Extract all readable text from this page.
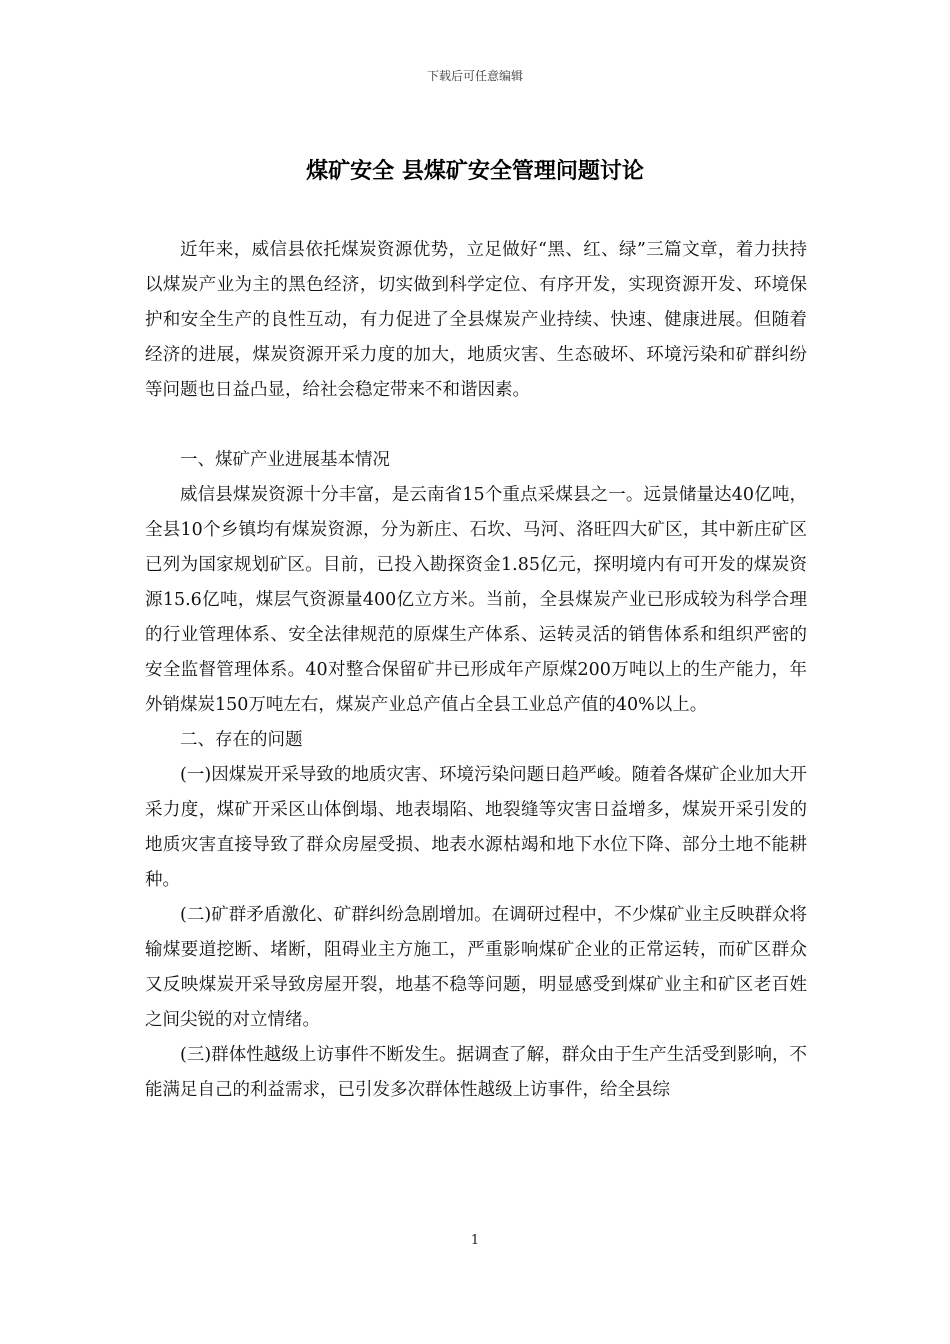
下载后可任意编辑
煤矿安全 县煤矿安全管理问题讨论

近年来，威信县依托煤炭资源优势，立足做好“黑、红、绿”三篇文章，着力扶持以煤炭产业为主的黑色经济，切实做到科学定位、有序开发，实现资源开发、环境保护和安全生产的良性互动，有力促进了全县煤炭产业持续、快速、健康进展。但随着经济的进展，煤炭资源开采力度的加大，地质灾害、生态破坏、环境污染和矿群纠纷等问题也日益凸显，给社会稳定带来不和谐因素。

一、煤矿产业进展基本情况

威信县煤炭资源十分丰富，是云南省15个重点采煤县之一。远景储量达40亿吨，全县10个乡镇均有煤炭资源，分为新庄、石坎、马河、洛旺四大矿区，其中新庄矿区已列为国家规划矿区。目前，已投入勘探资金1.85亿元，探明境内有可开发的煤炭资源15.6亿吨，煤层气资源量400亿立方米。当前，全县煤炭产业已形成较为科学合理的行业管理体系、安全法律规范的原煤生产体系、运转灵活的销售体系和组织严密的安全监督管理体系。40对整合保留矿井已形成年产原煤200万吨以上的生产能力，年外销煤炭150万吨左右，煤炭产业总产值占全县工业总产值的40%以上。

二、存在的问题

(一)因煤炭开采导致的地质灾害、环境污染问题日趋严峻。随着各煤矿企业加大开采力度，煤矿开采区山体倒塌、地表塌陷、地裂缝等灾害日益增多，煤炭开采引发的地质灾害直接导致了群众房屋受损、地表水源枯竭和地下水位下降、部分土地不能耕种。

(二)矿群矛盾激化、矿群纠纷急剧增加。在调研过程中，不少煤矿业主反映群众将输煤要道挖断、堵断，阻碍业主方施工，严重影响煤矿企业的正常运转，而矿区群众又反映煤炭开采导致房屋开裂，地基不稳等问题，明显感受到煤矿业主和矿区老百姓之间尖锐的对立情绪。

(三)群体性越级上访事件不断发生。据调查了解，群众由于生产生活受到影响，不能满足自己的利益需求，已引发多次群体性越级上访事件，给全县综

1
